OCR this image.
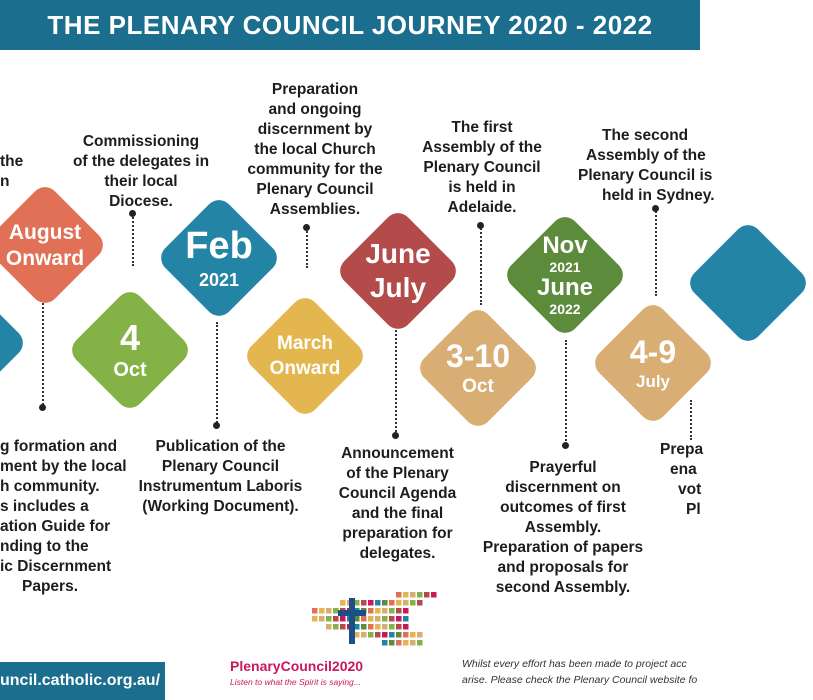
THE PLENARY COUNCIL JOURNEY 2020 - 2022
August
Onward
4
Oct
Feb
2021
March
Onward
June
July
3-10
Oct
Nov
2021
June
2022
4-9
July
the
n
Commissioning
of the delegates in
their local
Diocese.
Preparation
and ongoing
discernment by
the local Church
community for the
Plenary Council
Assemblies.
The first
Assembly of the
Plenary Council
is held in
Adelaide.
The second
Assembly of the
Plenary Council is
held in Sydney.
g formation and
ment by the local
h community.
s includes a
ation Guide for
nding to the
ic Discernment
Papers.
Publication of the
Plenary Council
Instrumentum Laboris
(Working Document).
Announcement
of the Plenary
Council Agenda
and the final
preparation for
delegates.
Prayerful
discernment on
outcomes of first
Assembly.
Preparation of papers
and proposals for
second Assembly.
Prepa
ena
vot
Pl
PlenaryCouncil2020
Listen to what the Spirit is saying...
uncil.catholic.org.au/
Whilst every effort has been made to project acc
arise. Please check the Plenary Council website fo
